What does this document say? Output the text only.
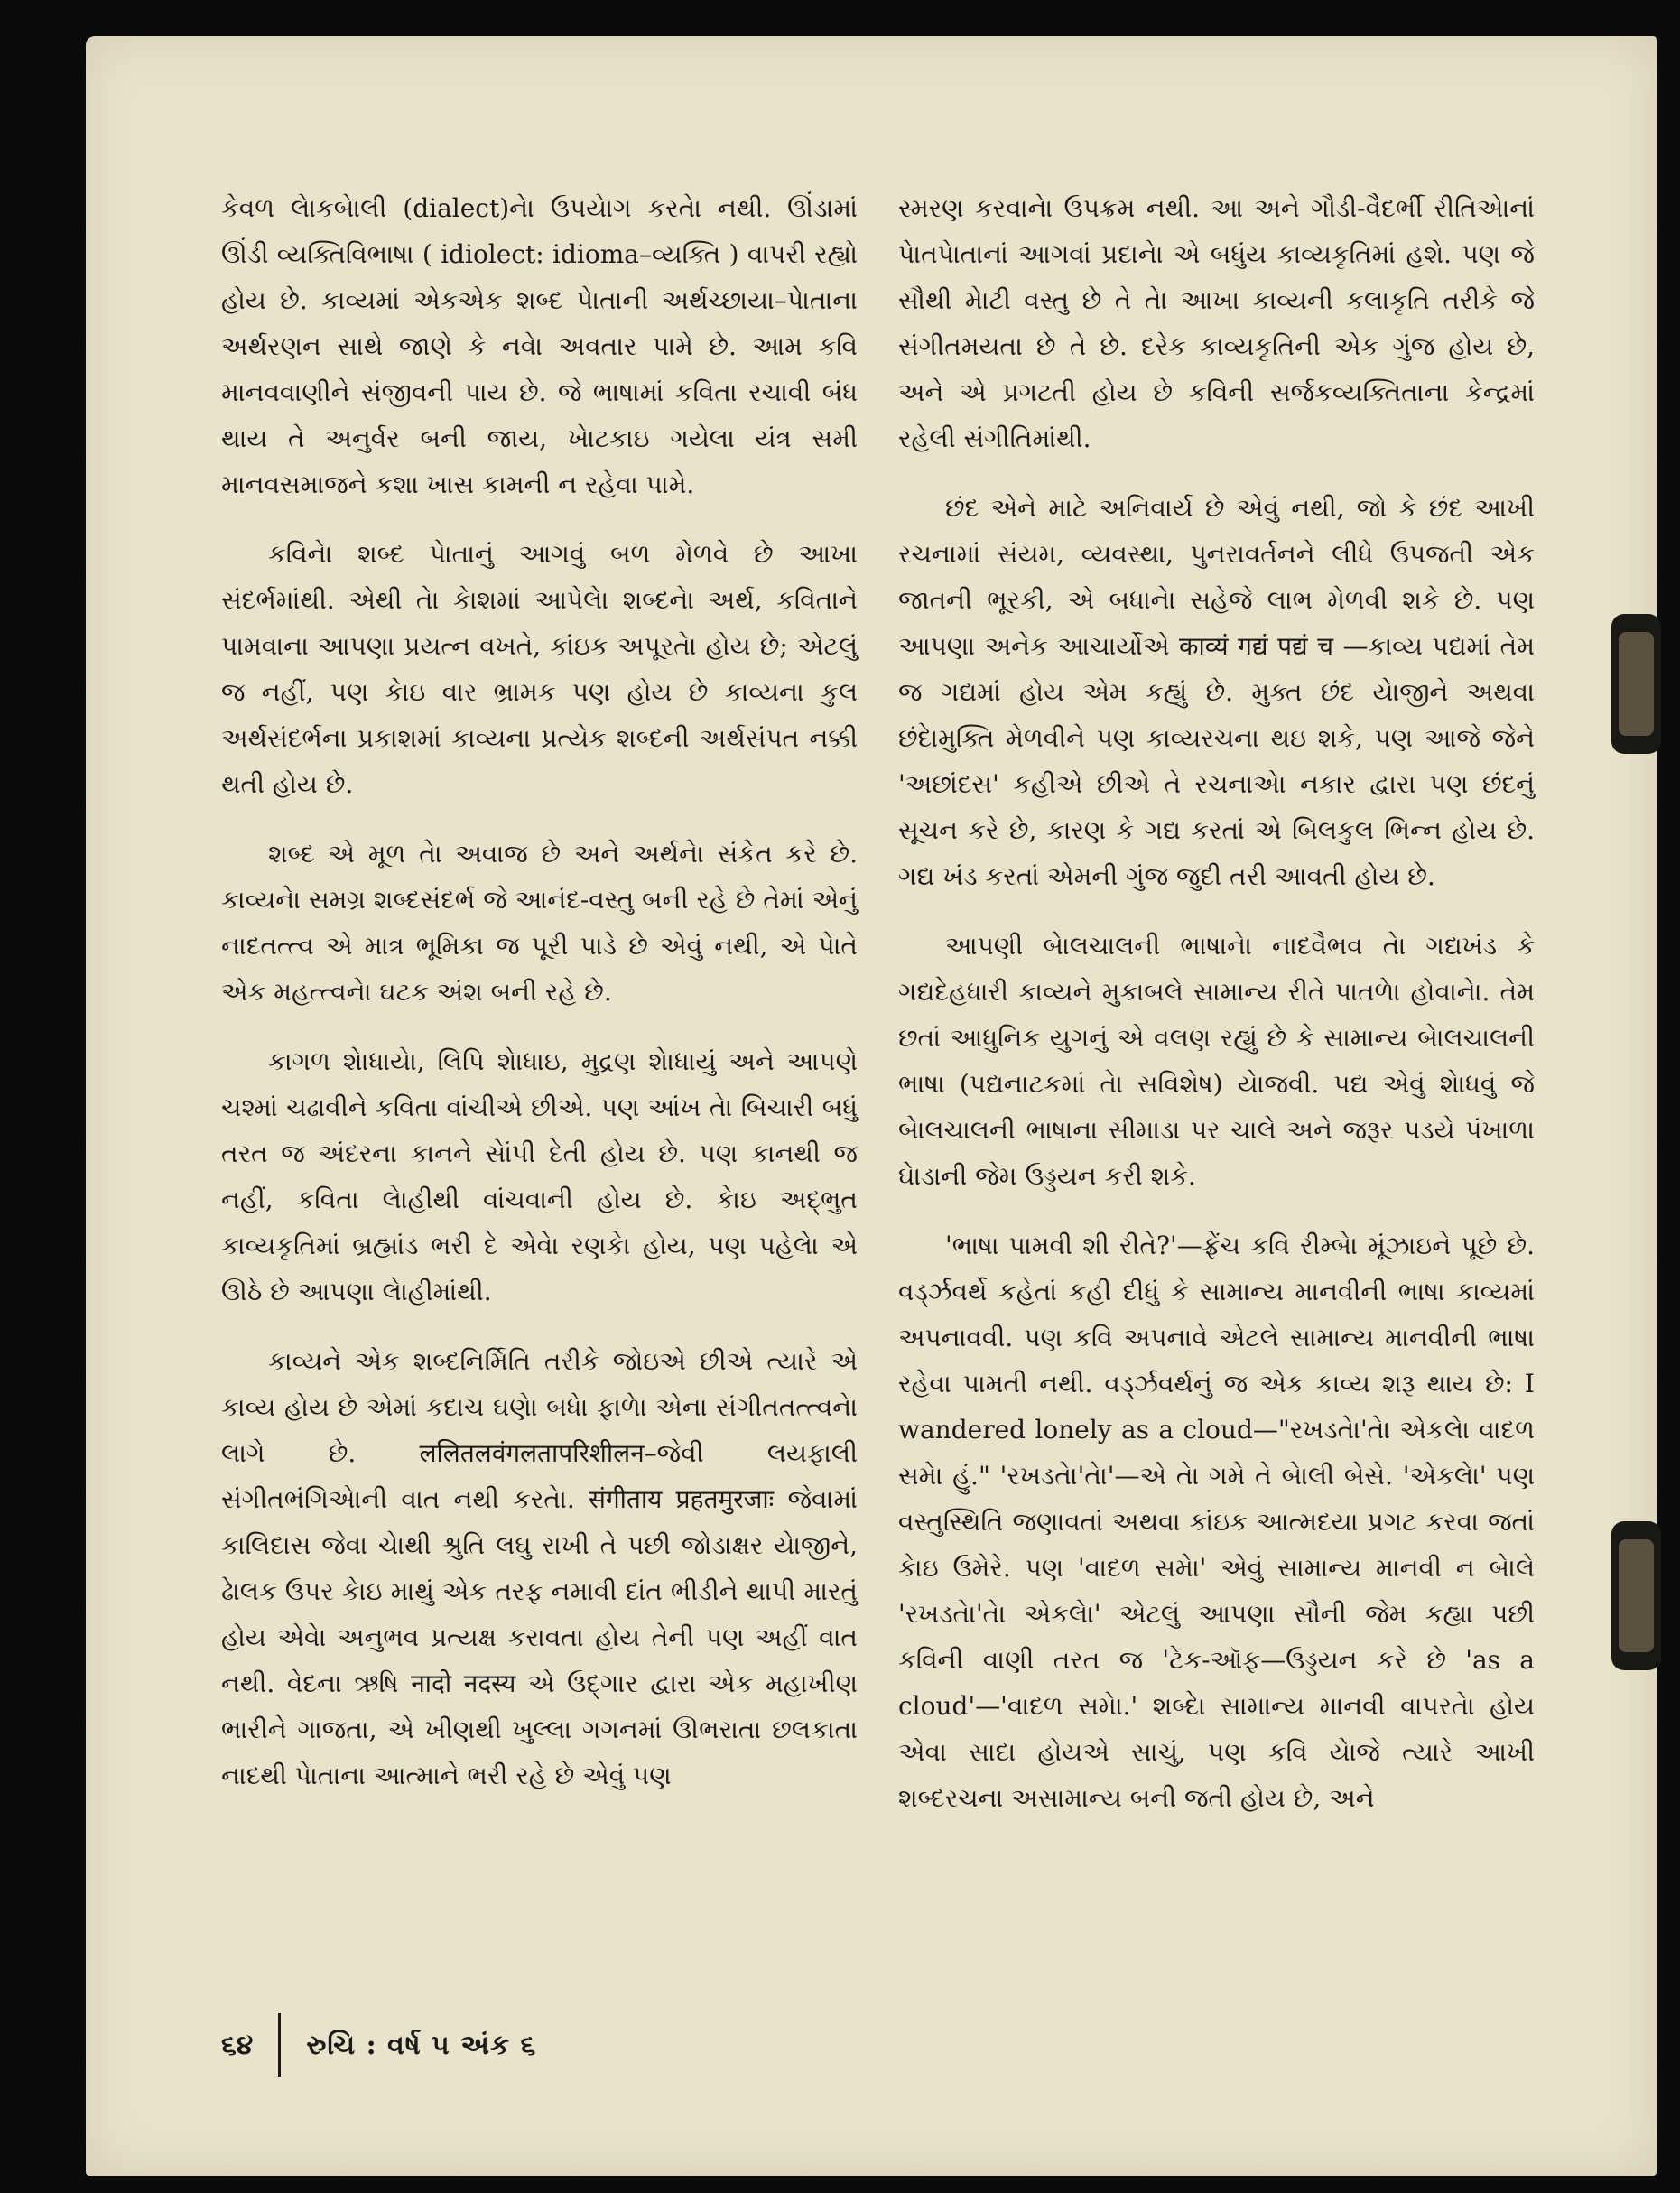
કેવળ લેાકબેાલી (dialect)નેા ઉપયેાગ કરતેા નથી. ઊંડામાં ઊંડી વ્યક્તિવિભાષા ( idiolect: idioma–વ્યક્તિ ) વાપરી રહ્યો હોય છે. કાવ્યમાં એકએક શબ્દ પેાતાની અર્થચ્છાયા–પેાતાના અર્થરણન સાથે જાણે કે નવેા અવતાર પામે છે. આમ કવિ માનવવાણીને સંજીવની પાય છે. જે ભાષામાં કવિતા રચાવી બંધ થાય તે અનુર્વર બની જાય, ખેાટકાઇ ગયેલા યંત્ર સમી માનવસમાજને કશા ખાસ કામની ન રહેવા પામે.

કવિનેા શબ્દ પેાતાનું આગવું બળ મેળવે છે આખા સંદર્ભમાંથી. એથી તેા કેાશમાં આપેલેા શબ્દનેા અર્થ, કવિતાને પામવાના આપણા પ્રયત્ન વખતે, કાંઇક અપૂરતેા હોય છે; એટલું જ નહીં, પણ કેાઇ વાર ભ્રામક પણ હોય છે કાવ્યના કુલ અર્થસંદર્ભના પ્રકાશમાં કાવ્યના પ્રત્યેક શબ્દની અર્થસંપત નક્કી થતી હોય છે.

શબ્દ એ મૂળ તેા અવાજ છે અને અર્થનેા સંકેત કરે છે. કાવ્યનેા સમગ્ર શબ્દસંદર્ભ જે આનંદ-વસ્તુ બની રહે છે તેમાં એનું નાદતત્ત્વ એ માત્ર ભૂમિકા જ પૂરી પાડે છે એવું નથી, એ પેાતે એક મહત્ત્વનેા ઘટક અંશ બની રહે છે.

કાગળ શેાધાયેા, લિપિ શેાધાઇ, મુદ્રણ શેાધાયું અને આપણે ચશ્માં ચઢાવીને કવિતા વાંચીએ છીએ. પણ આંખ તેા બિચારી બધું તરત જ અંદરના કાનને સેાંપી દેતી હોય છે. પણ કાનથી જ નહીં, કવિતા લેાહીથી વાંચવાની હોય છે. કેાઇ અદ્ભુત કાવ્યકૃતિમાં બ્રહ્માંડ ભરી દે એવેા રણકેા હોય, પણ પહેલેા એ ઊઠે છે આપણા લેાહીમાંથી.

કાવ્યને એક શબ્દનિર્મિતિ તરીકે જોઇએ છીએ ત્યારે એ કાવ્ય હોય છે એમાં કદાચ ઘણેા બધેા ફાળેા એના સંગીતતત્ત્વનેા લાગે છે. ललितलवंगलतापरिशीलन–જેવી લયફાલી સંગીતભંગિએાની વાત નથી કરતેા. संगीताय प्रहतमुरजाः જેવામાં કાલિદાસ જેવા ચેાથી શ્રુતિ લઘુ રાખી તે પછી જોડાક્ષર યેાજીને, ઢેાલક ઉપર કેાઇ માથું એક તરફ નમાવી દાંત ભીડીને થાપી મારતું હોય એવેા અનુભવ પ્રત્યક્ષ કરાવતા હોય તેની પણ અહીં વાત નથી. વેદના ઋષિ नादो नदस्य એ ઉદ્ગાર દ્વારા એક મહાખીણ ભારીને ગાજતા, એ ખીણથી ખુલ્લા ગગનમાં ઊભરાતા છલકાતા નાદથી પેાતાના આત્માને ભરી રહે છે એવું પણ

સ્મરણ કરવાનેા ઉપક્રમ નથી. આ અને ગૌડી-વૈદર્ભી રીતિએાનાં પેાતપેાતાનાં આગવાં પ્રદાનેા એ બધુંય કાવ્યકૃતિમાં હશે. પણ જે સૌથી મેાટી વસ્તુ છે તે તેા આખા કાવ્યની કલાકૃતિ તરીકે જે સંગીતમયતા છે તે છે. દરેક કાવ્યકૃતિની એક ગુંજ હોય છે, અને એ પ્રગટતી હોય છે કવિની સર્જકવ્યક્તિતાના કેન્દ્રમાં રહેલી સંગીતિમાંથી.

છંદ એને માટે અનિવાર્ય છે એવું નથી, જો કે છંદ આખી રચનામાં સંયમ, વ્યવસ્થા, પુનરાવર્તનને લીધે ઉપજતી એક જાતની ભૂરકી, એ બધાનેા સહેજે લાભ મેળવી શકે છે. પણ આપણા અનેક આચાર્યોએ काव्यं गद्यं पद्यं च —કાવ્ય પદ્યમાં તેમ જ ગદ્યમાં હોય એમ કહ્યું છે. મુક્ત છંદ યેાજીને અથવા છંદેામુક્તિ મેળવીને પણ કાવ્યરચના થઇ શકે, પણ આજે જેને 'અછાંદસ' કહીએ છીએ તે રચનાએા નકાર દ્વારા પણ છંદનું સૂચન કરે છે, કારણ કે ગદ્ય કરતાં એ બિલકુલ ભિન્ન હોય છે. ગદ્ય ખંડ કરતાં એમની ગુંજ જુદી તરી આવતી હોય છે.

આપણી બેાલચાલની ભાષાનેા નાદવૈભવ તેા ગદ્યખંડ કે ગદ્યદેહધારી કાવ્યને મુકાબલે સામાન્ય રીતે પાતળેા હોવાનેા. તેમ છતાં આધુનિક યુગનું એ વલણ રહ્યું છે કે સામાન્ય બેાલચાલની ભાષા (પદ્યનાટકમાં તેા સવિશેષ) યેાજવી. પદ્ય એવું શેાધવું જે બેાલચાલની ભાષાના સીમાડા પર ચાલે અને જરૂર પડયે પંખાળા ઘેાડાની જેમ ઉડ્ડયન કરી શકે.

'ભાષા પામવી શી રીતે?'—ફ્રેંચ કવિ રીમ્બેા મૂંઝાઇને પૂછે છે. વર્ડ્ઝવર્થે કહેતાં કહી દીધું કે સામાન્ય માનવીની ભાષા કાવ્યમાં અપનાવવી. પણ કવિ અપનાવે એટલે સામાન્ય માનવીની ભાષા રહેવા પામતી નથી. વર્ડ્ઝવર્થનું જ એક કાવ્ય શરૂ થાય છે: I wandered lonely as a cloud—"રખડતેા'તેા એકલેા વાદળ સમેા હું." 'રખડતેા'તેા'—એ તેા ગમે તે બેાલી બેસે. 'એકલેા' પણ વસ્તુસ્થિતિ જણાવતાં અથવા કાંઇક આત્મદયા પ્રગટ કરવા જતાં કેાઇ ઉમેરે. પણ 'વાદળ સમેા' એવું સામાન્ય માનવી ન બેાલે 'રખડતેા'તેા એકલેા' એટલું આપણા સૌની જેમ કહ્યા પછી કવિની વાણી તરત જ 'ટેક-ઑફ—ઉડ્ડયન કરે છે 'as a cloud'—'વાદળ સમેા.' શબ્દેા સામાન્ય માનવી વાપરતેા હોય એવા સાદા હોયએ સાચું, પણ કવિ યેાજે ત્યારે આખી શબ્દરચના અસામાન્ય બની જતી હોય છે, અને

૬૪ રુચિ : વર્ષ ૫ અંક ૬
